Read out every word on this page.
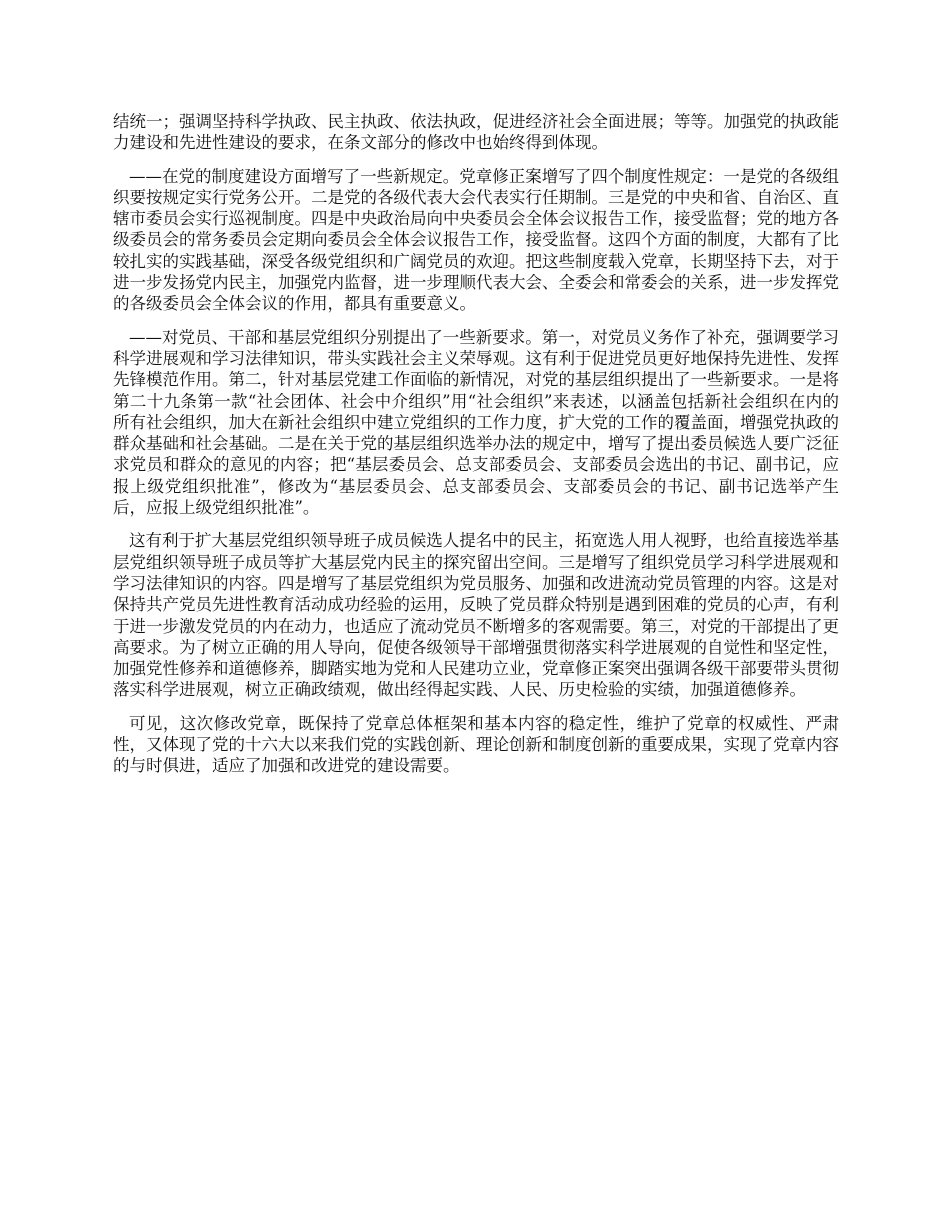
结统一；强调坚持科学执政、民主执政、依法执政，促进经济社会全面进展；等等。加强党的执政能力建设和先进性建设的要求，在条文部分的修改中也始终得到体现。

——在党的制度建设方面增写了一些新规定。党章修正案增写了四个制度性规定：一是党的各级组织要按规定实行党务公开。二是党的各级代表大会代表实行任期制。三是党的中央和省、自治区、直辖市委员会实行巡视制度。四是中央政治局向中央委员会全体会议报告工作，接受监督；党的地方各级委员会的常务委员会定期向委员会全体会议报告工作，接受监督。这四个方面的制度，大都有了比较扎实的实践基础，深受各级党组织和广阔党员的欢迎。把这些制度载入党章，长期坚持下去，对于进一步发扬党内民主，加强党内监督，进一步理顺代表大会、全委会和常委会的关系，进一步发挥党的各级委员会全体会议的作用，都具有重要意义。

——对党员、干部和基层党组织分别提出了一些新要求。第一，对党员义务作了补充，强调要学习科学进展观和学习法律知识，带头实践社会主义荣辱观。这有利于促进党员更好地保持先进性、发挥先锋模范作用。第二，针对基层党建工作面临的新情况，对党的基层组织提出了一些新要求。一是将第二十九条第一款“社会团体、社会中介组织”用“社会组织”来表述，以涵盖包括新社会组织在内的所有社会组织，加大在新社会组织中建立党组织的工作力度，扩大党的工作的覆盖面，增强党执政的群众基础和社会基础。二是在关于党的基层组织选举办法的规定中，增写了提出委员候选人要广泛征求党员和群众的意见的内容；把“基层委员会、总支部委员会、支部委员会选出的书记、副书记，应报上级党组织批准”，修改为“基层委员会、总支部委员会、支部委员会的书记、副书记选举产生后，应报上级党组织批准”。

这有利于扩大基层党组织领导班子成员候选人提名中的民主，拓宽选人用人视野，也给直接选举基层党组织领导班子成员等扩大基层党内民主的探究留出空间。三是增写了组织党员学习科学进展观和学习法律知识的内容。四是增写了基层党组织为党员服务、加强和改进流动党员管理的内容。这是对保持共产党员先进性教育活动成功经验的运用，反映了党员群众特别是遇到困难的党员的心声，有利于进一步激发党员的内在动力，也适应了流动党员不断增多的客观需要。第三，对党的干部提出了更高要求。为了树立正确的用人导向，促使各级领导干部增强贯彻落实科学进展观的自觉性和坚定性，加强党性修养和道德修养，脚踏实地为党和人民建功立业，党章修正案突出强调各级干部要带头贯彻落实科学进展观，树立正确政绩观，做出经得起实践、人民、历史检验的实绩，加强道德修养。

可见，这次修改党章，既保持了党章总体框架和基本内容的稳定性，维护了党章的权威性、严肃性，又体现了党的十六大以来我们党的实践创新、理论创新和制度创新的重要成果，实现了党章内容的与时俱进，适应了加强和改进党的建设需要。
